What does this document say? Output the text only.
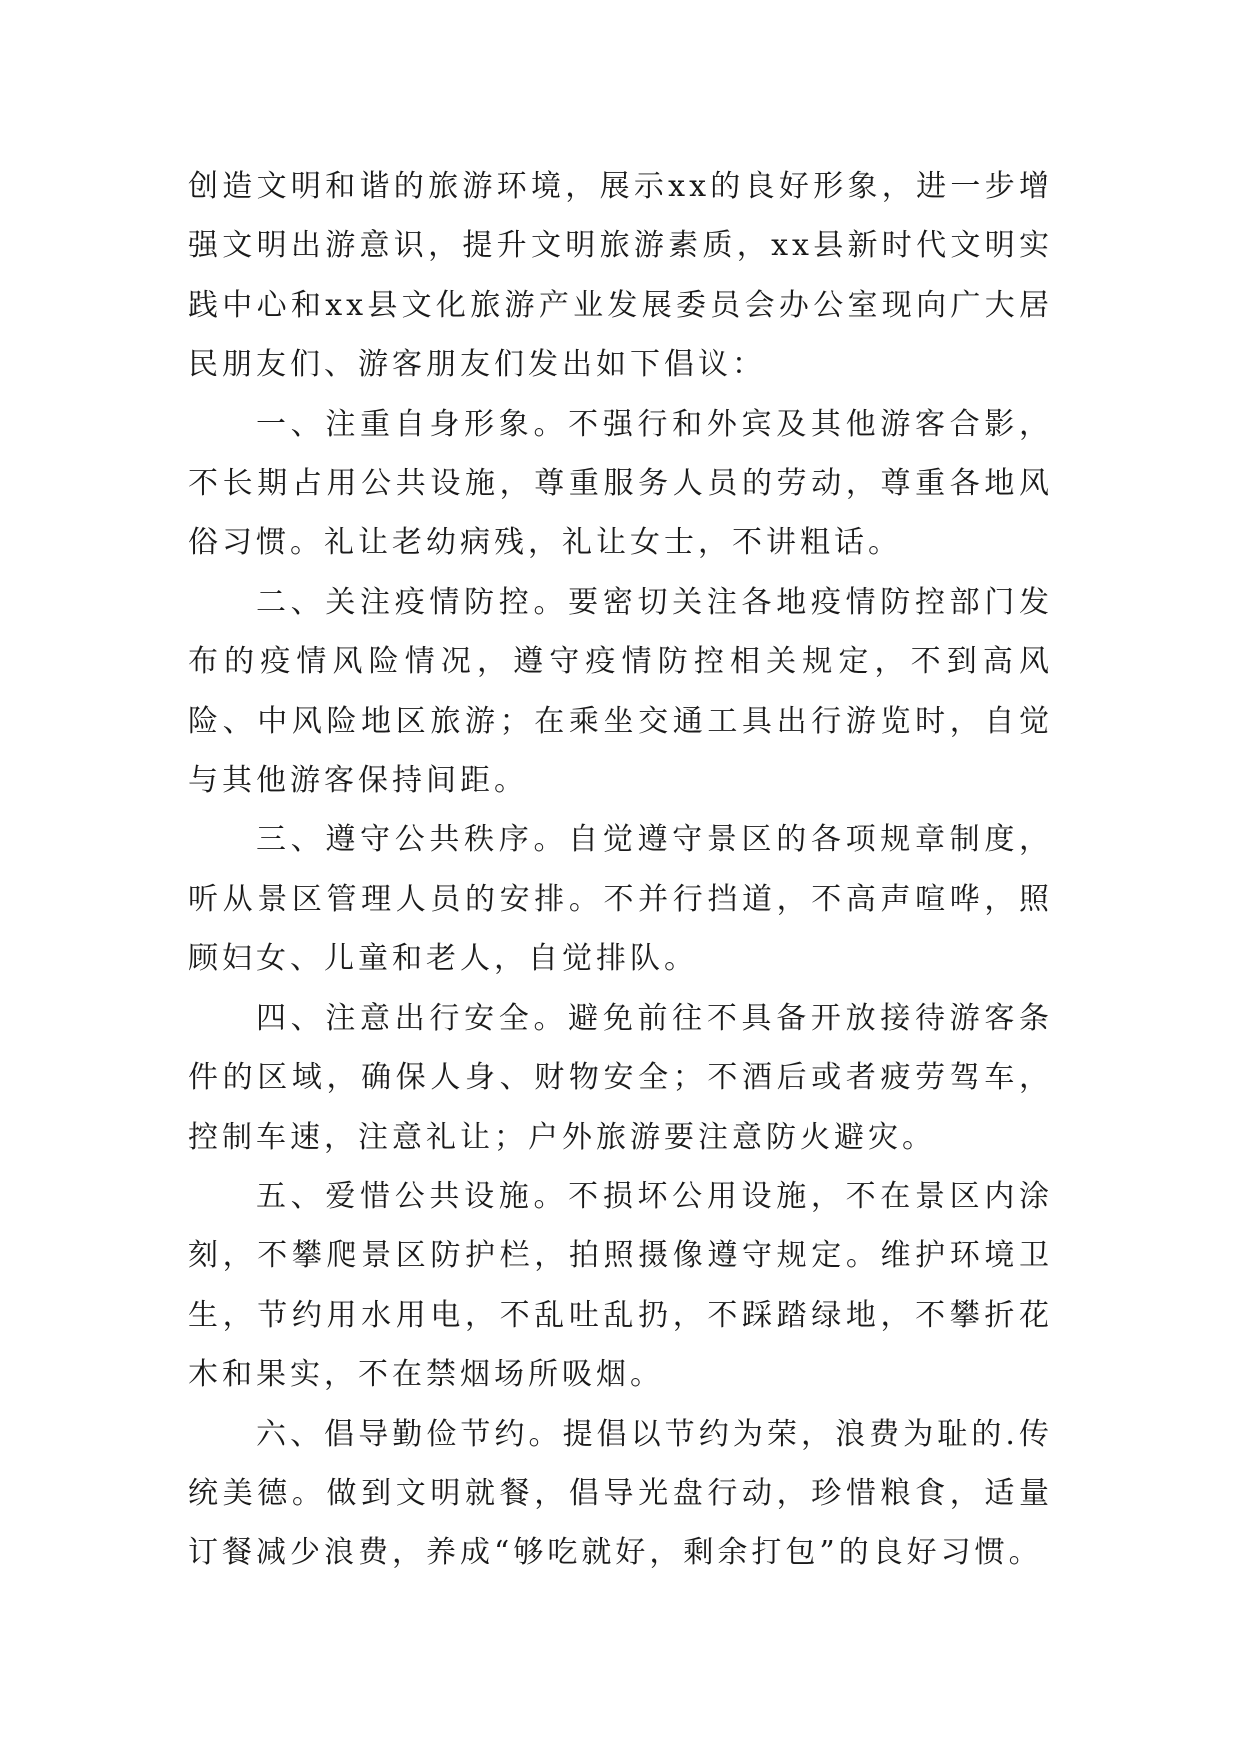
创造文明和谐的旅游环境，展示xx的良好形象，进一步增强文明出游意识，提升文明旅游素质，xx县新时代文明实践中心和xx县文化旅游产业发展委员会办公室现向广大居民朋友们、游客朋友们发出如下倡议：

一、注重自身形象。不强行和外宾及其他游客合影，不长期占用公共设施，尊重服务人员的劳动，尊重各地风俗习惯。礼让老幼病残，礼让女士，不讲粗话。

二、关注疫情防控。要密切关注各地疫情防控部门发布的疫情风险情况，遵守疫情防控相关规定，不到高风险、中风险地区旅游；在乘坐交通工具出行游览时，自觉与其他游客保持间距。

三、遵守公共秩序。自觉遵守景区的各项规章制度，听从景区管理人员的安排。不并行挡道，不高声喧哗，照顾妇女、儿童和老人，自觉排队。

四、注意出行安全。避免前往不具备开放接待游客条件的区域，确保人身、财物安全；不酒后或者疲劳驾车，控制车速，注意礼让；户外旅游要注意防火避灾。

五、爱惜公共设施。不损坏公用设施，不在景区内涂刻，不攀爬景区防护栏，拍照摄像遵守规定。维护环境卫生，节约用水用电，不乱吐乱扔，不踩踏绿地，不攀折花木和果实，不在禁烟场所吸烟。

六、倡导勤俭节约。提倡以节约为荣，浪费为耻的.传统美德。做到文明就餐，倡导光盘行动，珍惜粮食，适量订餐减少浪费，养成“够吃就好，剩余打包”的良好习惯。
